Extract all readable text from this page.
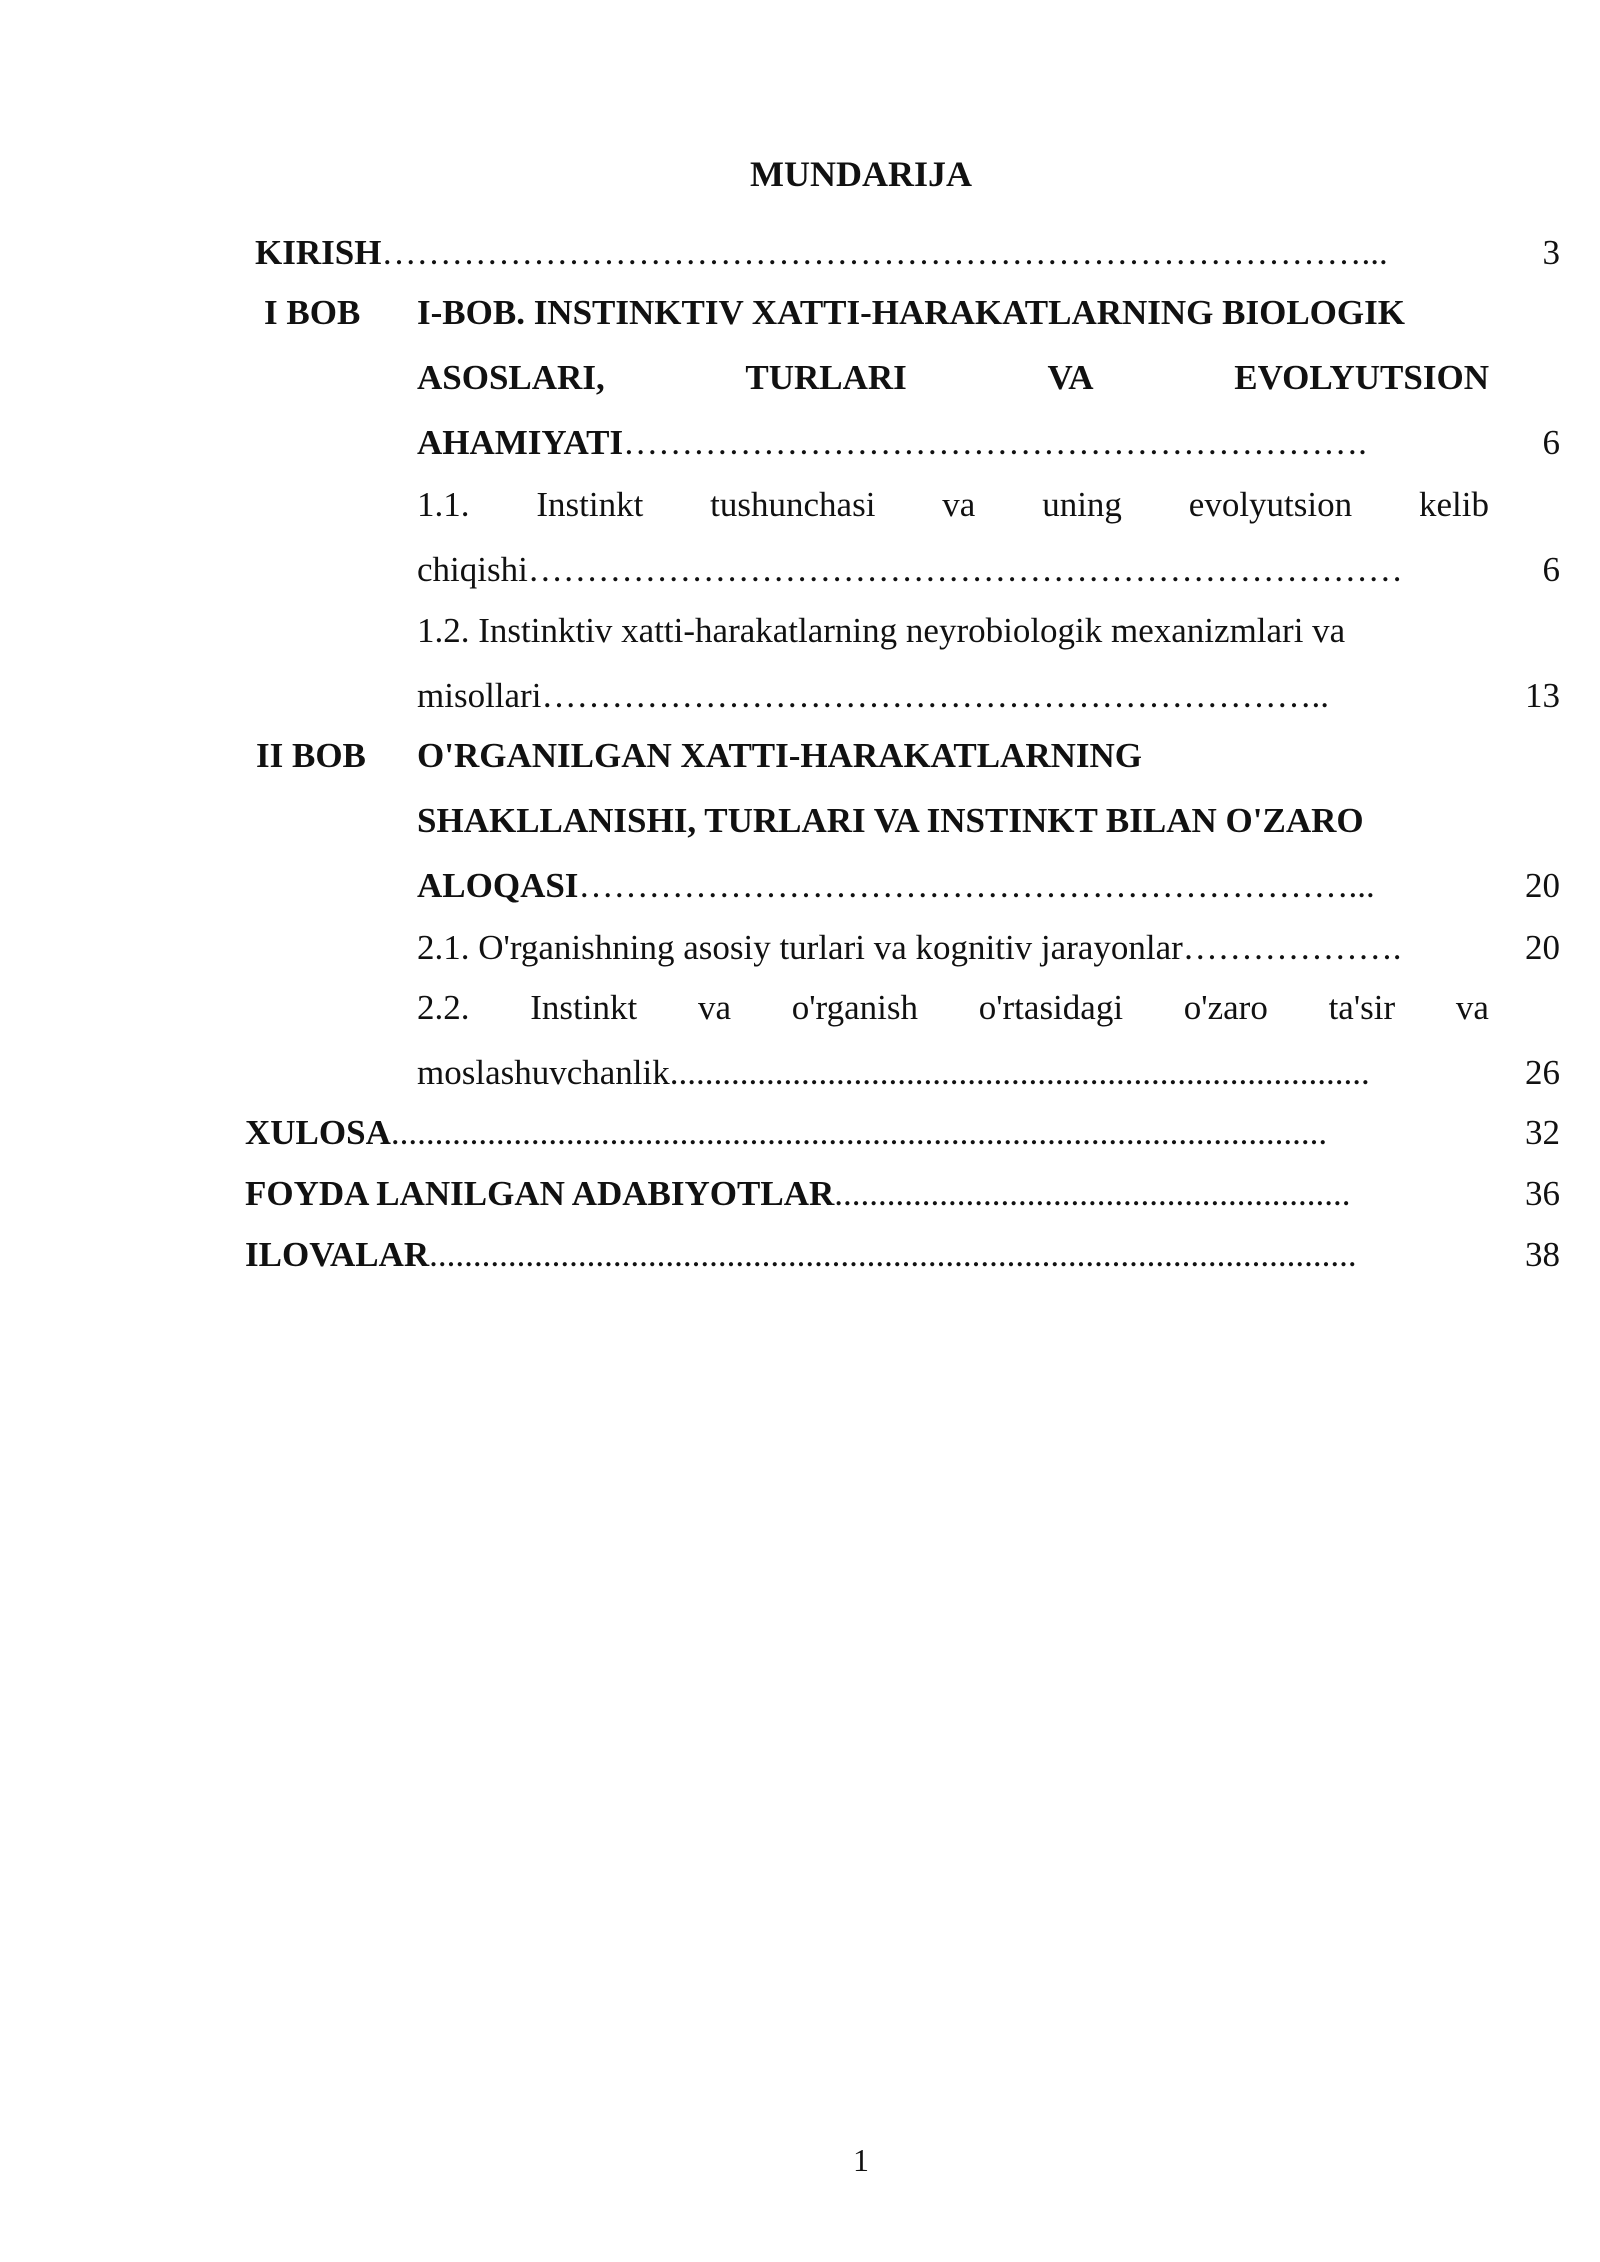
MUNDARIJA
KIRISH…………………………………………………………………………...	3
I BOB I-BOB. INSTINKTIV XATTI-HARAKATLARNING BIOLOGIK
ASOSLARI,	TURLARI	VA	EVOLYUTSION
AHAMIYATI……………………………………………………….	6
1.1. Instinkt tushunchasi va uning evolyutsion kelib
chiqishi…………………………………………………………………	6
1.2. Instinktiv xatti-harakatlarning neyrobiologik mexanizmlari va
misollari…………………………………………………………..	13
II BOB O'RGANILGAN XATTI-HARAKATLARNING
SHAKLLANISHI, TURLARI VA INSTINKT BILAN O'ZARO
ALOQASI…………………………………………………………...	20
2.1. O'rganishning asosiy turlari va kognitiv jarayonlar……………….	20
2.2. Instinkt va o'rganish o'rtasidagi o'zaro ta'sir va
moslashuvchanlik................................................................................	26
XULOSA...........................................................................................................	32
FOYDA LANILGAN ADABIYOTLAR...........................................................	36
ILOVALAR..........................................................................................................	38
1
